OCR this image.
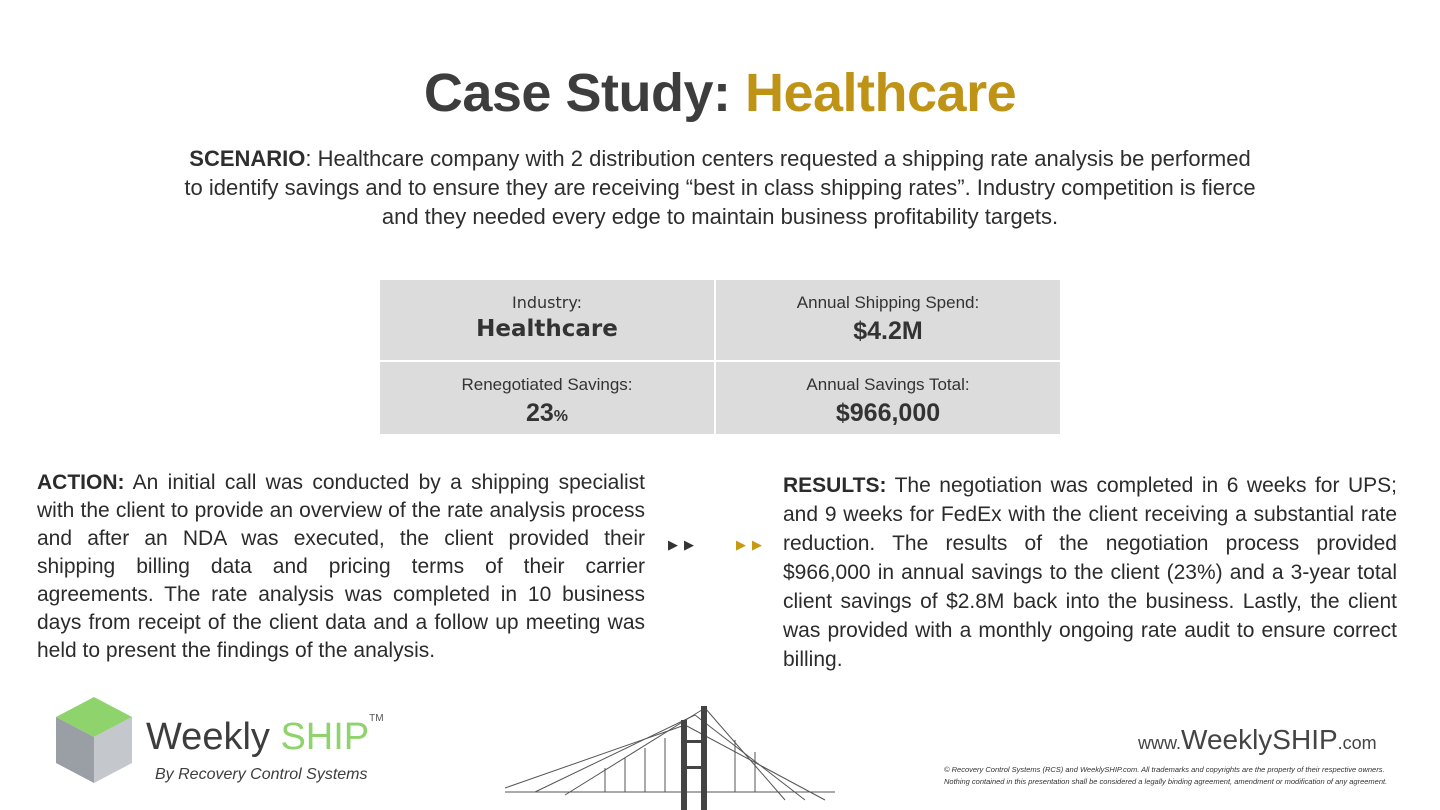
Case Study: Healthcare
SCENARIO: Healthcare company with 2 distribution centers requested a shipping rate analysis be performed to identify savings and to ensure they are receiving “best in class shipping rates”. Industry competition is fierce and they needed every edge to maintain business profitability targets.
Industry:
Healthcare
Annual Shipping Spend:
$4.2M
Renegotiated Savings:
23%
Annual Savings Total:
$966,000
ACTION: An initial call was conducted by a shipping specialist with the client to provide an overview of the rate analysis process and after an NDA was executed, the client provided their shipping billing data and pricing terms of their carrier agreements. The rate analysis was completed in 10 business days from receipt of the client data and a follow up meeting was held to present the findings of the analysis.
▶▶	▶▶
RESULTS: The negotiation was completed in 6 weeks for UPS; and 9 weeks for FedEx with the client receiving a substantial rate reduction. The results of the negotiation process provided $966,000 in annual savings to the client (23%) and a 3-year total client savings of $2.8M back into the business. Lastly, the client was provided with a monthly ongoing rate audit to ensure correct billing.
Weekly SHIP™
By Recovery Control Systems
www.WeeklySHIP.com
© Recovery Control Systems (RCS) and WeeklySHIP.com. All trademarks and copyrights are the property of their respective owners.
Nothing contained in this presentation shall be considered a legally binding agreement, amendment or modification of any agreement.
